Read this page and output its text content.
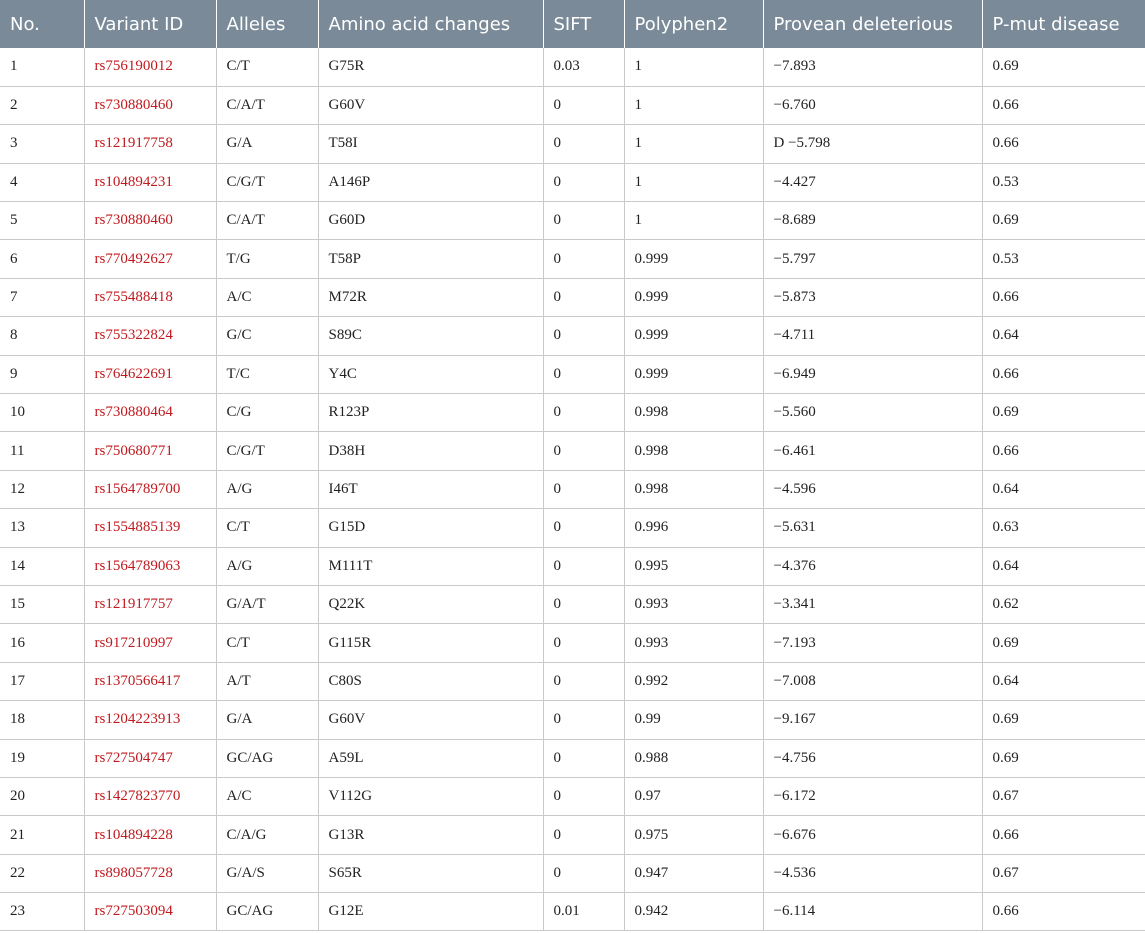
No.	Variant ID	Alleles	Amino acid changes	SIFT	Polyphen2	Provean deleterious	P-mut disease
1	rs756190012	C/T	G75R	0.03	1	−7.893	0.69
2	rs730880460	C/A/T	G60V	0	1	−6.760	0.66
3	rs121917758	G/A	T58I	0	1	D −5.798	0.66
4	rs104894231	C/G/T	A146P	0	1	−4.427	0.53
5	rs730880460	C/A/T	G60D	0	1	−8.689	0.69
6	rs770492627	T/G	T58P	0	0.999	−5.797	0.53
7	rs755488418	A/C	M72R	0	0.999	−5.873	0.66
8	rs755322824	G/C	S89C	0	0.999	−4.711	0.64
9	rs764622691	T/C	Y4C	0	0.999	−6.949	0.66
10	rs730880464	C/G	R123P	0	0.998	−5.560	0.69
11	rs750680771	C/G/T	D38H	0	0.998	−6.461	0.66
12	rs1564789700	A/G	I46T	0	0.998	−4.596	0.64
13	rs1554885139	C/T	G15D	0	0.996	−5.631	0.63
14	rs1564789063	A/G	M111T	0	0.995	−4.376	0.64
15	rs121917757	G/A/T	Q22K	0	0.993	−3.341	0.62
16	rs917210997	C/T	G115R	0	0.993	−7.193	0.69
17	rs1370566417	A/T	C80S	0	0.992	−7.008	0.64
18	rs1204223913	G/A	G60V	0	0.99	−9.167	0.69
19	rs727504747	GC/AG	A59L	0	0.988	−4.756	0.69
20	rs1427823770	A/C	V112G	0	0.97	−6.172	0.67
21	rs104894228	C/A/G	G13R	0	0.975	−6.676	0.66
22	rs898057728	G/A/S	S65R	0	0.947	−4.536	0.67
23	rs727503094	GC/AG	G12E	0.01	0.942	−6.114	0.66
